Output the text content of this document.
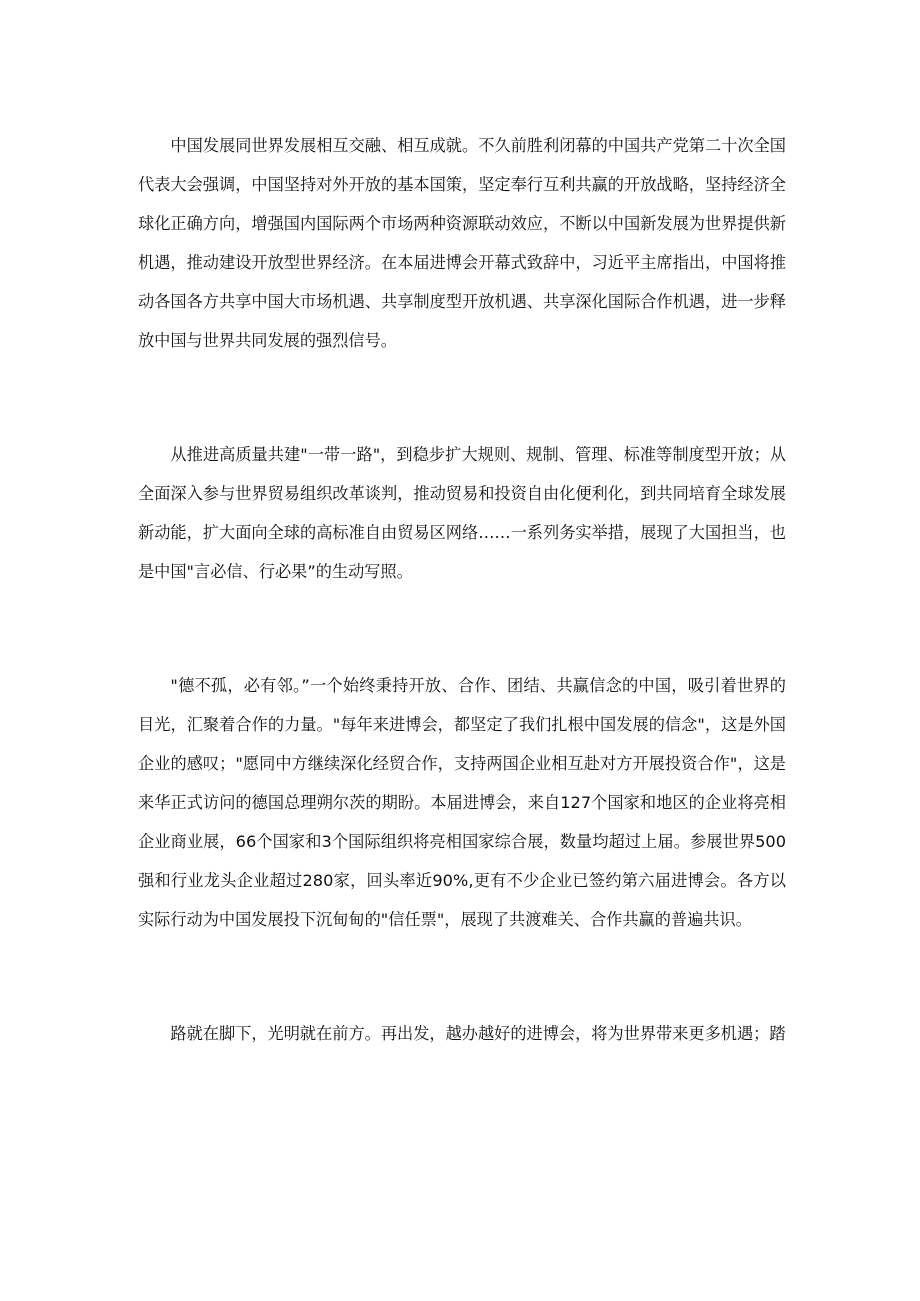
中国发展同世界发展相互交融、相互成就。不久前胜利闭幕的中国共产党第二十次全国代表大会强调，中国坚持对外开放的基本国策，坚定奉行互利共赢的开放战略，坚持经济全球化正确方向，增强国内国际两个市场两种资源联动效应，不断以中国新发展为世界提供新机遇，推动建设开放型世界经济。在本届进博会开幕式致辞中，习近平主席指出，中国将推动各国各方共享中国大市场机遇、共享制度型开放机遇、共享深化国际合作机遇，进一步释放中国与世界共同发展的强烈信号。

从推进高质量共建"一带一路"，到稳步扩大规则、规制、管理、标准等制度型开放；从全面深入参与世界贸易组织改革谈判，推动贸易和投资自由化便利化，到共同培育全球发展新动能，扩大面向全球的高标准自由贸易区网络……一系列务实举措，展现了大国担当，也是中国"言必信、行必果”的生动写照。

"德不孤，必有邻。”一个始终秉持开放、合作、团结、共赢信念的中国，吸引着世界的目光，汇聚着合作的力量。"每年来进博会，都坚定了我们扎根中国发展的信念"，这是外国企业的感叹；"愿同中方继续深化经贸合作，支持两国企业相互赴对方开展投资合作"，这是来华正式访问的德国总理朔尔茨的期盼。本届进博会，来自127个国家和地区的企业将亮相企业商业展，66个国家和3个国际组织将亮相国家综合展，数量均超过上届。参展世界500强和行业龙头企业超过280家，回头率近90%,更有不少企业已签约第六届进博会。各方以实际行动为中国发展投下沉甸甸的"信任票"，展现了共渡难关、合作共赢的普遍共识。

路就在脚下，光明就在前方。再出发，越办越好的进博会，将为世界带来更多机遇；踏
